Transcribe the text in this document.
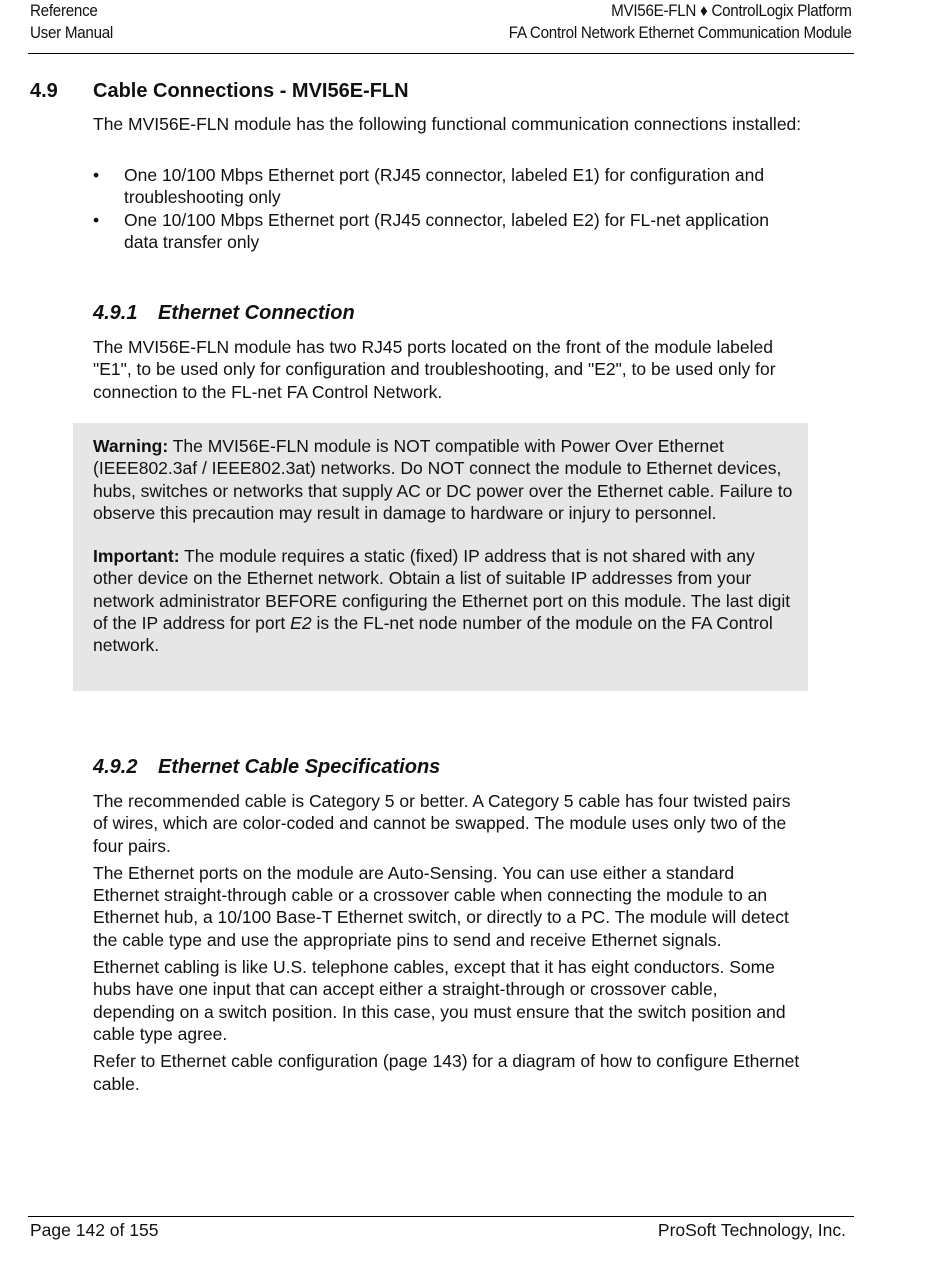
Reference
User Manual
MVI56E-FLN ♦ ControlLogix Platform
FA Control Network Ethernet Communication Module
4.9 Cable Connections - MVI56E-FLN

The MVI56E-FLN module has the following functional communication connections installed:

• One 10/100 Mbps Ethernet port (RJ45 connector, labeled E1) for configuration and troubleshooting only
• One 10/100 Mbps Ethernet port (RJ45 connector, labeled E2) for FL-net application data transfer only
4.9.1 Ethernet Connection

The MVI56E-FLN module has two RJ45 ports located on the front of the module labeled "E1", to be used only for configuration and troubleshooting, and "E2", to be used only for connection to the FL-net FA Control Network.

Warning: The MVI56E-FLN module is NOT compatible with Power Over Ethernet (IEEE802.3af / IEEE802.3at) networks. Do NOT connect the module to Ethernet devices, hubs, switches or networks that supply AC or DC power over the Ethernet cable. Failure to observe this precaution may result in damage to hardware or injury to personnel.

Important: The module requires a static (fixed) IP address that is not shared with any other device on the Ethernet network. Obtain a list of suitable IP addresses from your network administrator BEFORE configuring the Ethernet port on this module. The last digit of the IP address for port E2 is the FL-net node number of the module on the FA Control network.

4.9.2 Ethernet Cable Specifications

The recommended cable is Category 5 or better. A Category 5 cable has four twisted pairs of wires, which are color-coded and cannot be swapped. The module uses only two of the four pairs.

The Ethernet ports on the module are Auto-Sensing. You can use either a standard Ethernet straight-through cable or a crossover cable when connecting the module to an Ethernet hub, a 10/100 Base-T Ethernet switch, or directly to a PC. The module will detect the cable type and use the appropriate pins to send and receive Ethernet signals.

Ethernet cabling is like U.S. telephone cables, except that it has eight conductors. Some hubs have one input that can accept either a straight-through or crossover cable, depending on a switch position. In this case, you must ensure that the switch position and cable type agree.

Refer to Ethernet cable configuration (page 143) for a diagram of how to configure Ethernet cable.

Page 142 of 155	ProSoft Technology, Inc.
